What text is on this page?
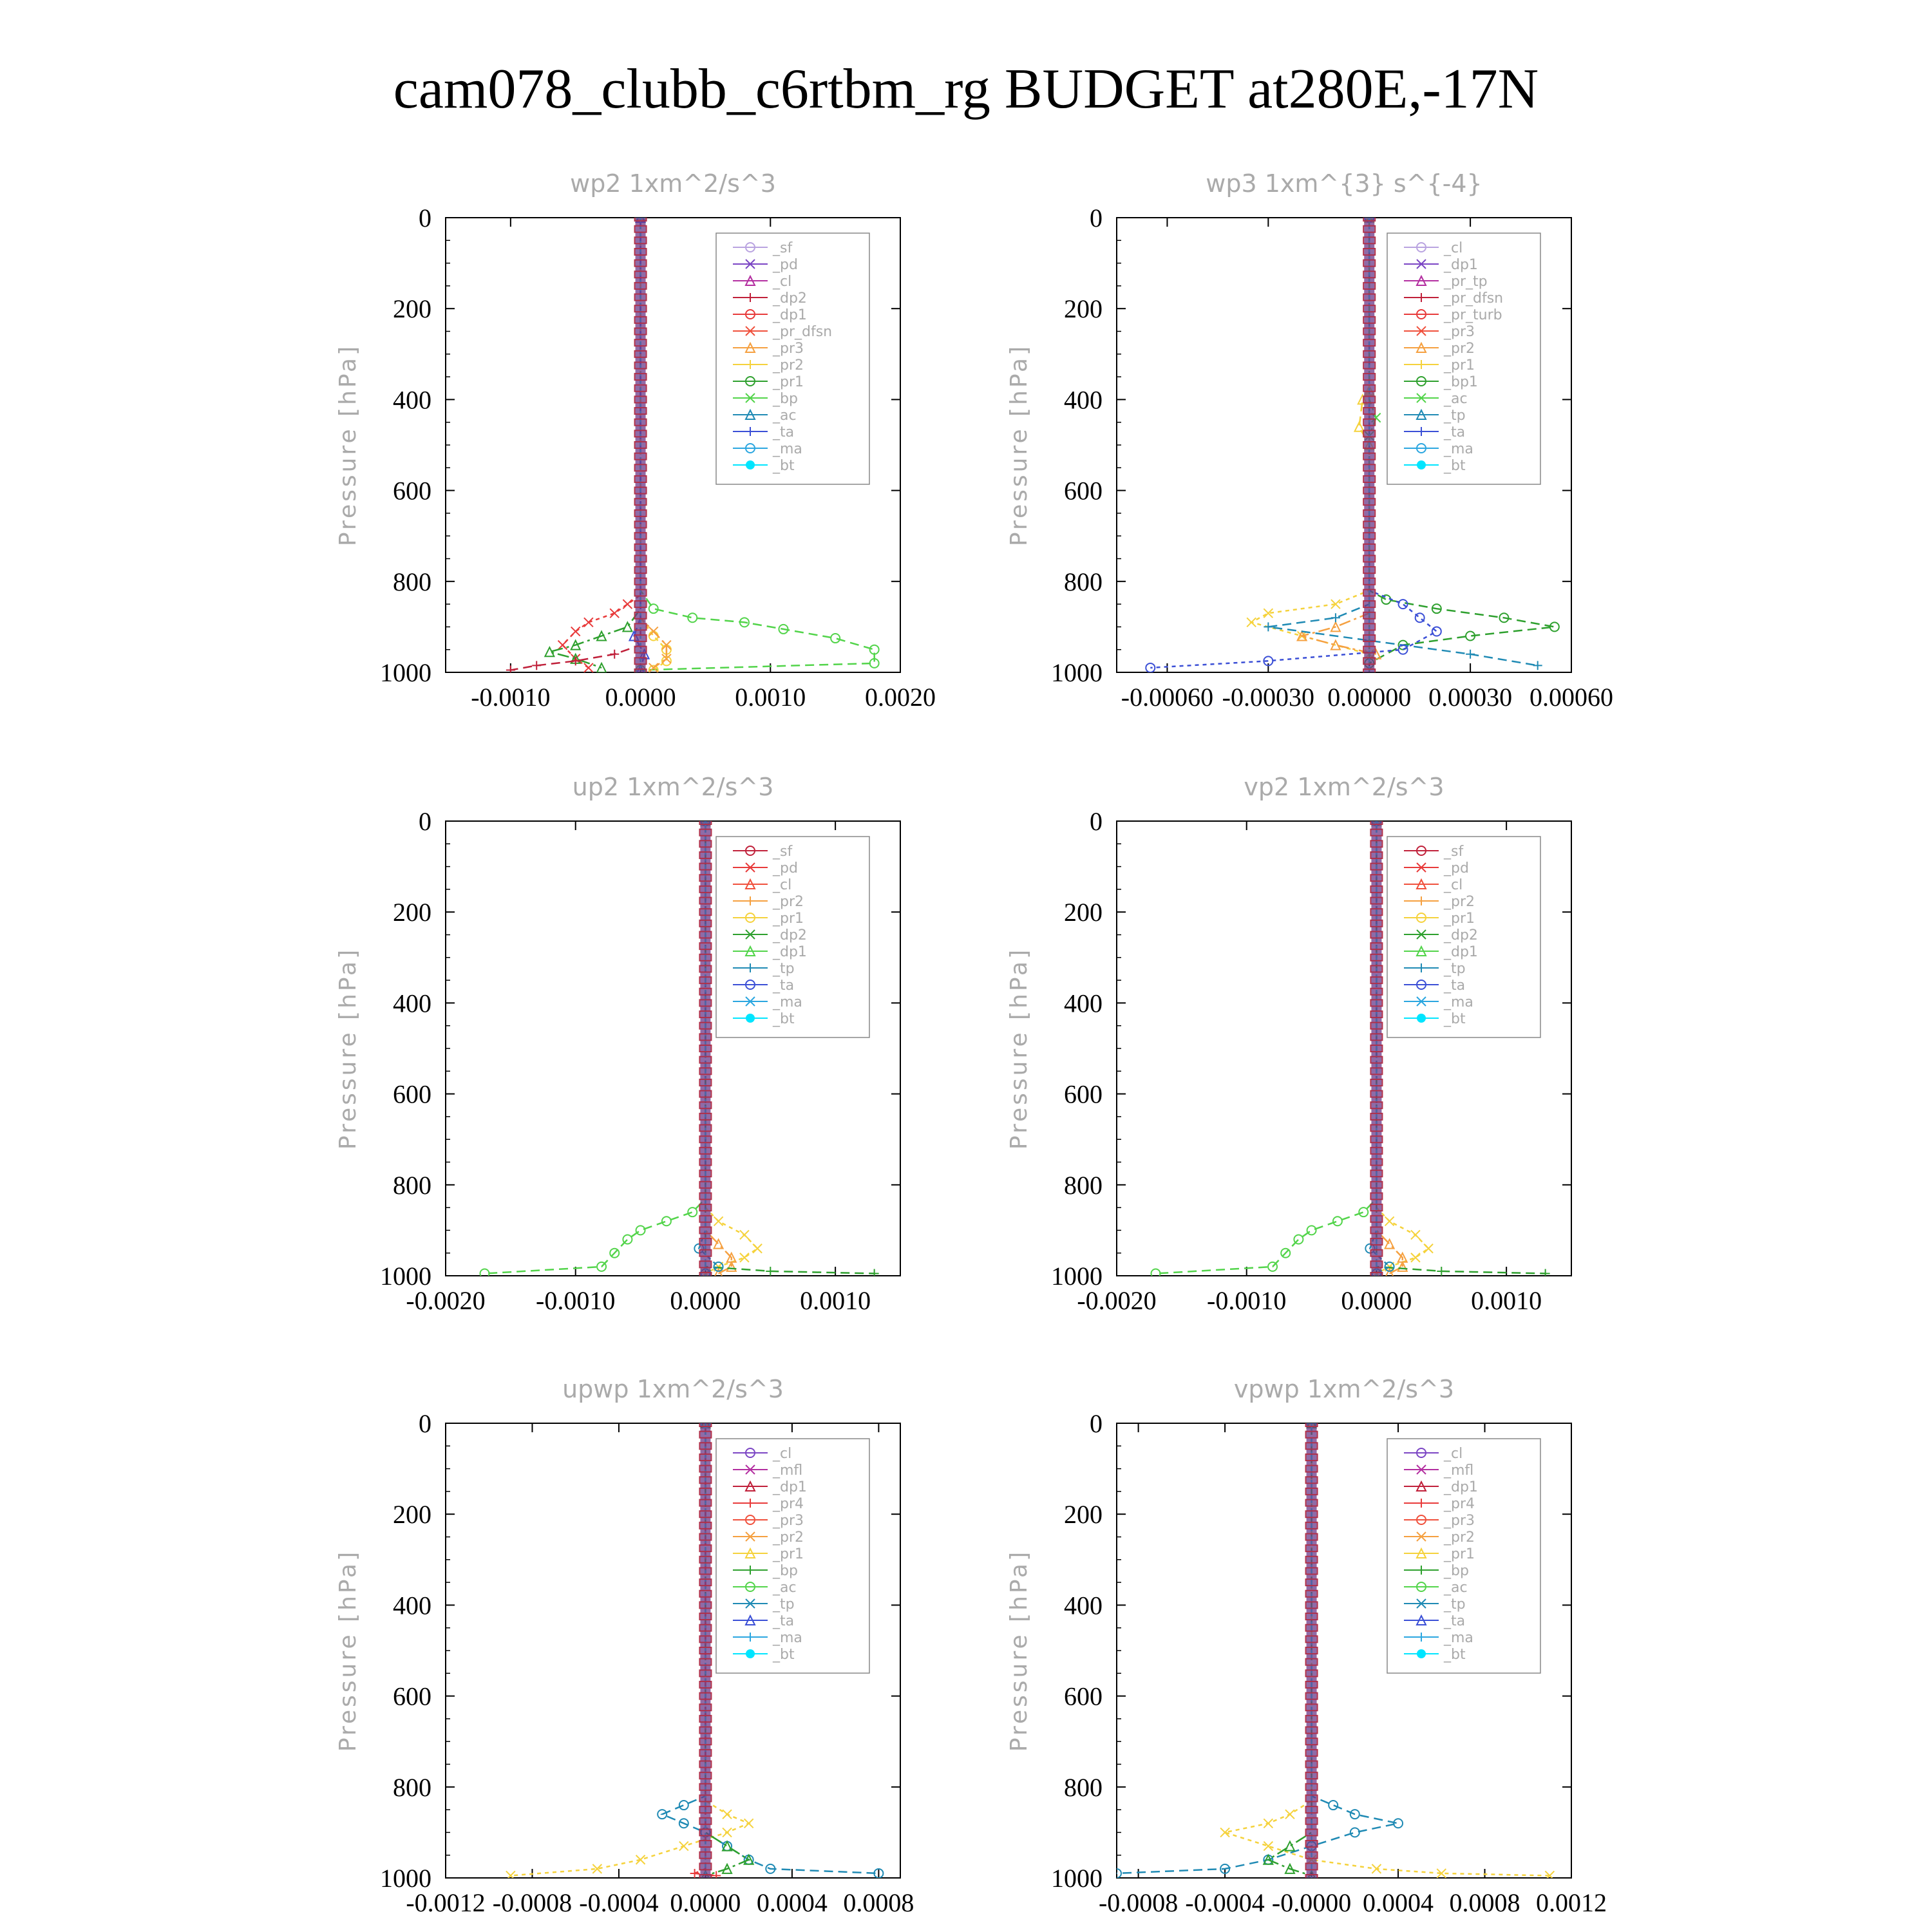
cam078_clubb_c6rtbm_rg BUDGET at280E,-17N
wp2 1xm^2/s^3
Pressure [hPa]
0
200
400
600
800
1000
-0.0010 0.0000 0.0010 0.0020
_sf
_pd
_cl
_dp2
_dp1
_pr_dfsn
_pr3
_pr2
_pr1
_bp
_ac
_ta
_ma
_bt
wp3 1xm^{3} s^{-4}
Pressure [hPa]
0
200
400
600
800
1000
-0.00060 -0.00030 0.00000 0.00030 0.00060
_cl
_dp1
_pr_tp
_pr_dfsn
_pr_turb
_pr3
_pr2
_pr1
_bp1
_ac
_tp
_ta
_ma
_bt
up2 1xm^2/s^3
Pressure [hPa]
0
200
400
600
800
1000
-0.0020 -0.0010 0.0000 0.0010
_sf
_pd
_cl
_pr2
_pr1
_dp2
_dp1
_tp
_ta
_ma
_bt
vp2 1xm^2/s^3
Pressure [hPa]
0
200
400
600
800
1000
-0.0020 -0.0010 0.0000 0.0010
_sf
_pd
_cl
_pr2
_pr1
_dp2
_dp1
_tp
_ta
_ma
_bt
upwp 1xm^2/s^3
Pressure [hPa]
0
200
400
600
800
1000
-0.0012 -0.0008 -0.0004 0.0000 0.0004 0.0008
_cl
_mfl
_dp1
_pr4
_pr3
_pr2
_pr1
_bp
_ac
_tp
_ta
_ma
_bt
vpwp 1xm^2/s^3
Pressure [hPa]
0
200
400
600
800
1000
-0.0008 -0.0004 -0.0000 0.0004 0.0008 0.0012
_cl
_mfl
_dp1
_pr4
_pr3
_pr2
_pr1
_bp
_ac
_tp
_ta
_ma
_bt
